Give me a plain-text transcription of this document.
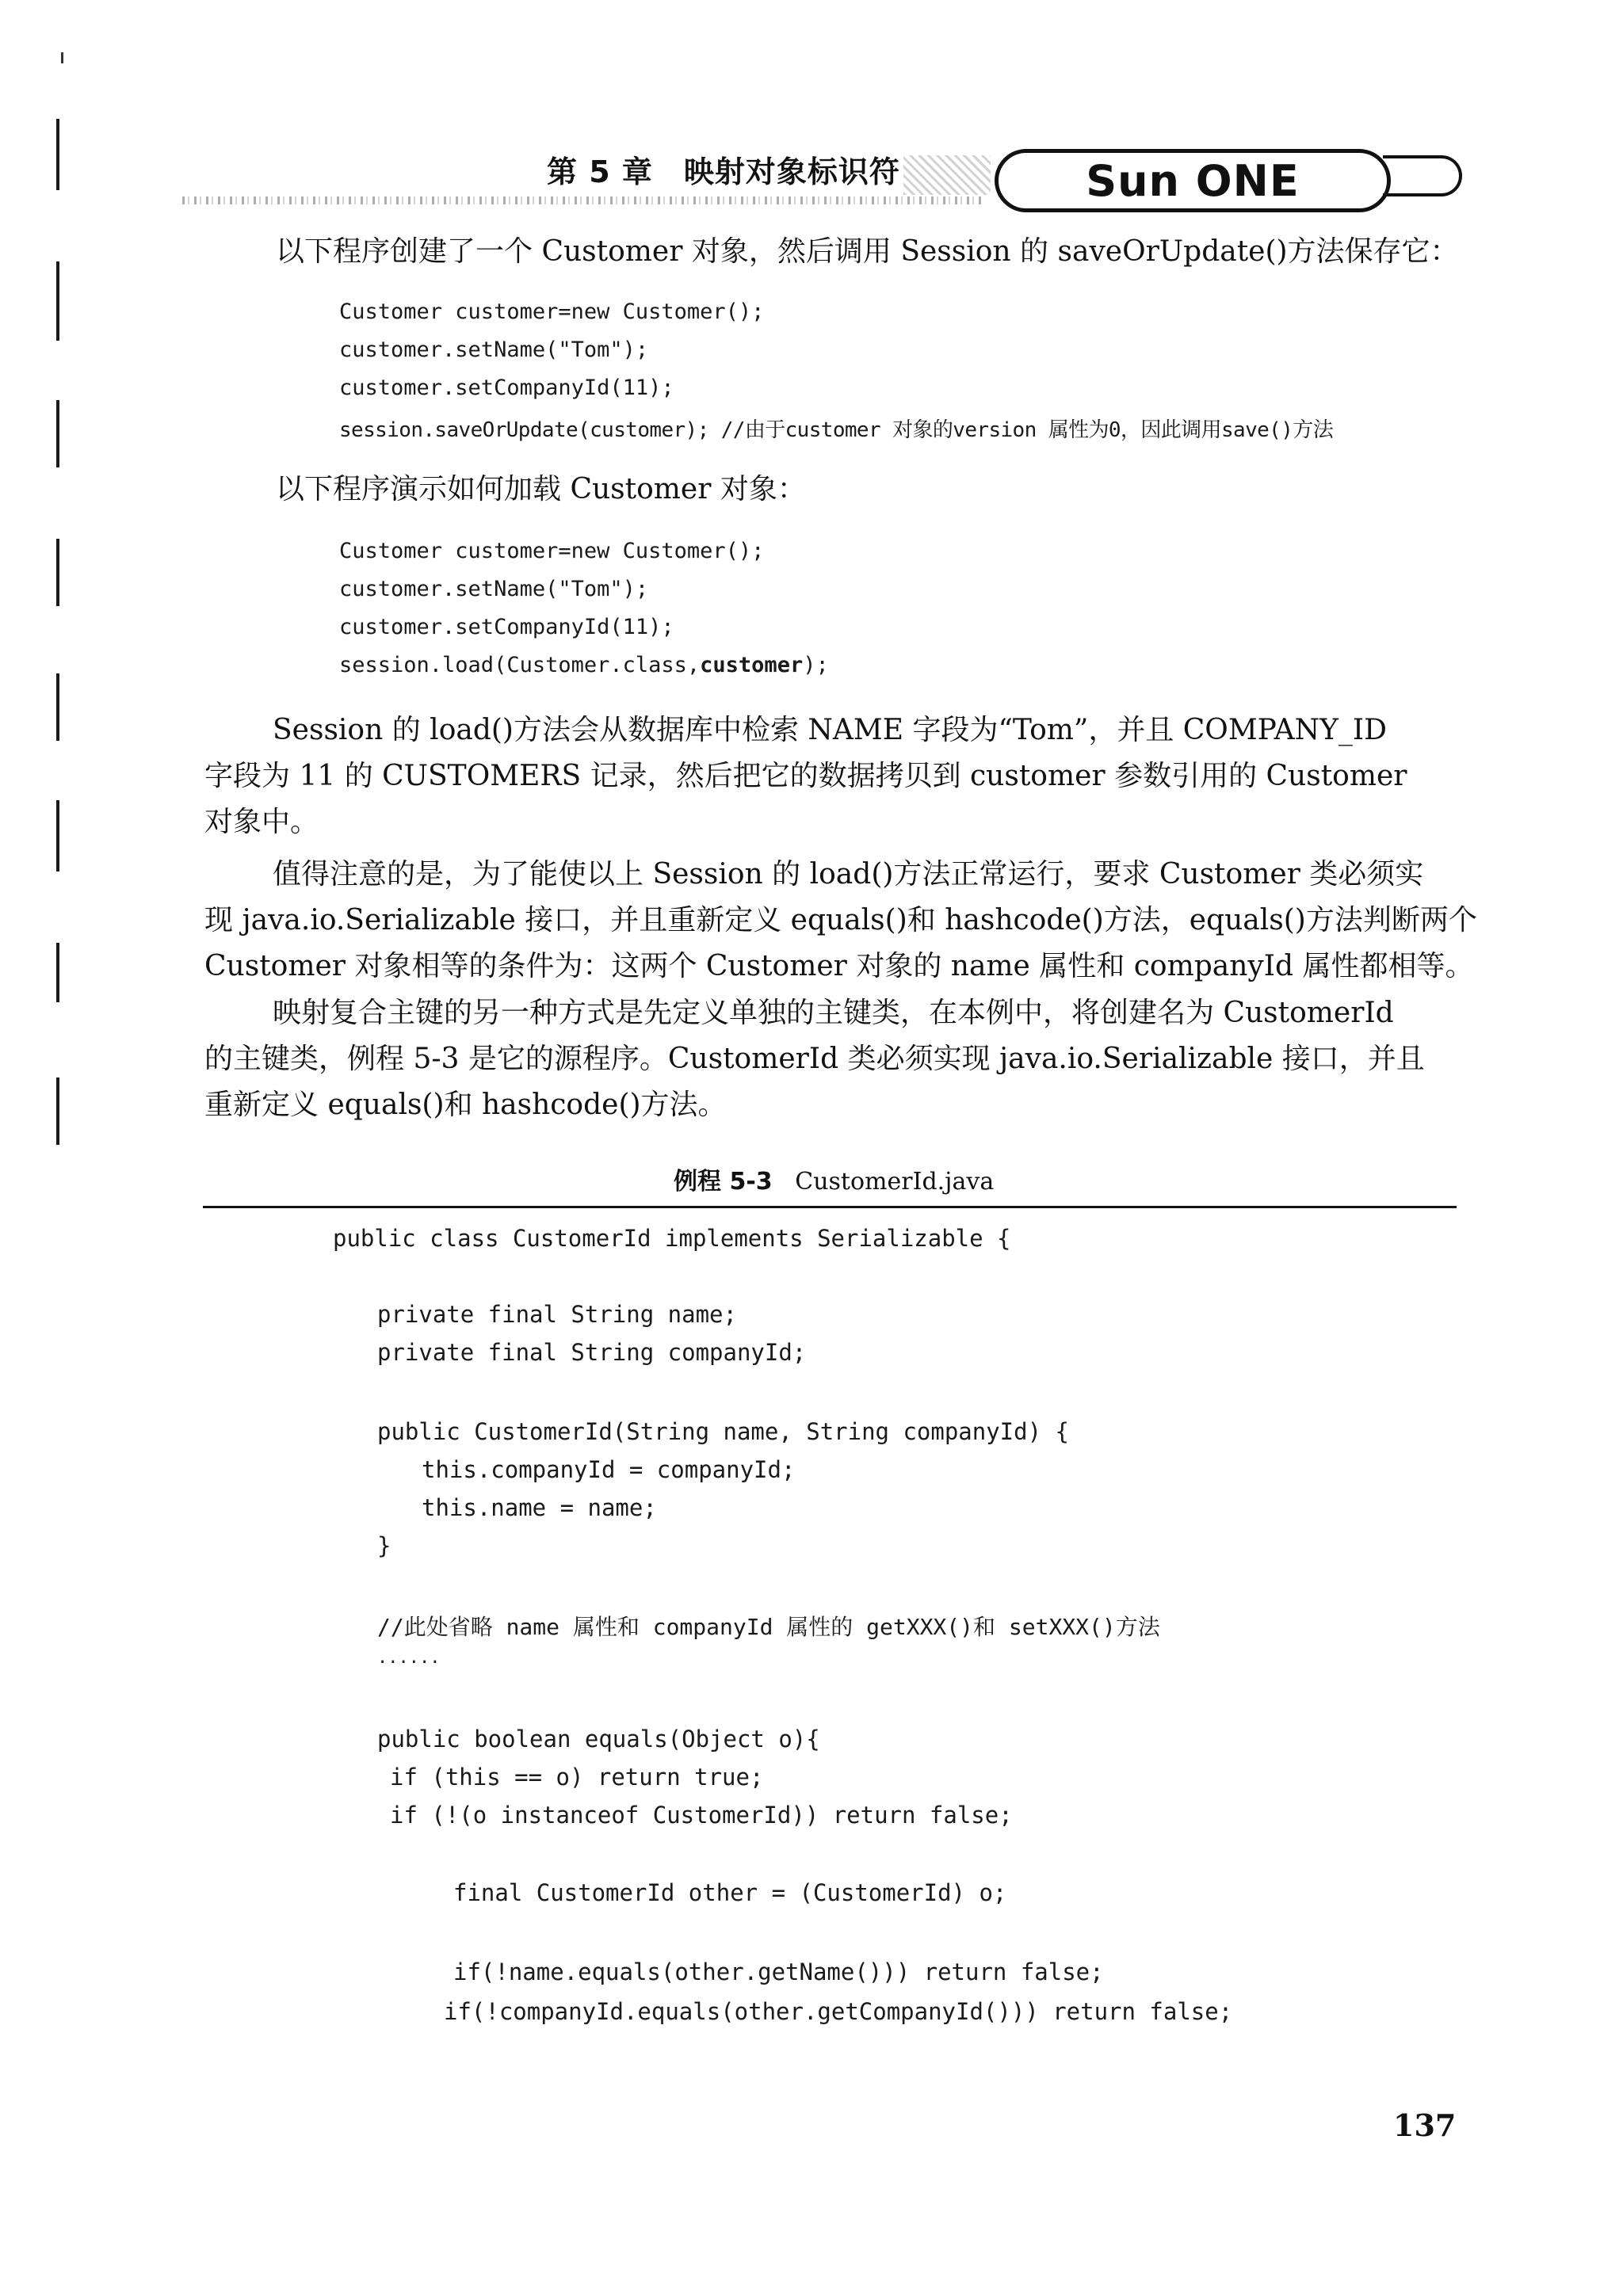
第 5 章　映射对象标识符	Sun ONE
以下程序创建了一个 Customer 对象，然后调用 Session 的 saveOrUpdate()方法保存它：

Customer customer=new Customer();

customer.setName("Tom");

customer.setCompanyId(11);

session.saveOrUpdate(customer); //由于customer 对象的version 属性为0，因此调用save()方法

以下程序演示如何加载 Customer 对象：

Customer customer=new Customer();

customer.setName("Tom");

customer.setCompanyId(11);

session.load(Customer.class,customer);

Session 的 load()方法会从数据库中检索 NAME 字段为“Tom”，并且 COMPANY_ID
字段为 11 的 CUSTOMERS 记录，然后把它的数据拷贝到 customer 参数引用的 Customer
对象中。
值得注意的是，为了能使以上 Session 的 load()方法正常运行，要求 Customer 类必须实
现 java.io.Serializable 接口，并且重新定义 equals()和 hashcode()方法，equals()方法判断两个
Customer 对象相等的条件为：这两个 Customer 对象的 name 属性和 companyId 属性都相等。
映射复合主键的另一种方式是先定义单独的主键类，在本例中，将创建名为 CustomerId
的主键类，例程 5-3 是它的源程序。CustomerId 类必须实现 java.io.Serializable 接口，并且
重新定义 equals()和 hashcode()方法。
例程 5-3 CustomerId.java

public class CustomerId implements Serializable {

private final String name;

private final String companyId;

public CustomerId(String name, String companyId) {

this.companyId = companyId;

this.name = name;

}

//此处省略 name 属性和 companyId 属性的 getXXX()和 setXXX()方法

......

public boolean equals(Object o){

if (this == o) return true;

if (!(o instanceof CustomerId)) return false;

final CustomerId other = (CustomerId) o;

if(!name.equals(other.getName())) return false;

if(!companyId.equals(other.getCompanyId())) return false;

137
